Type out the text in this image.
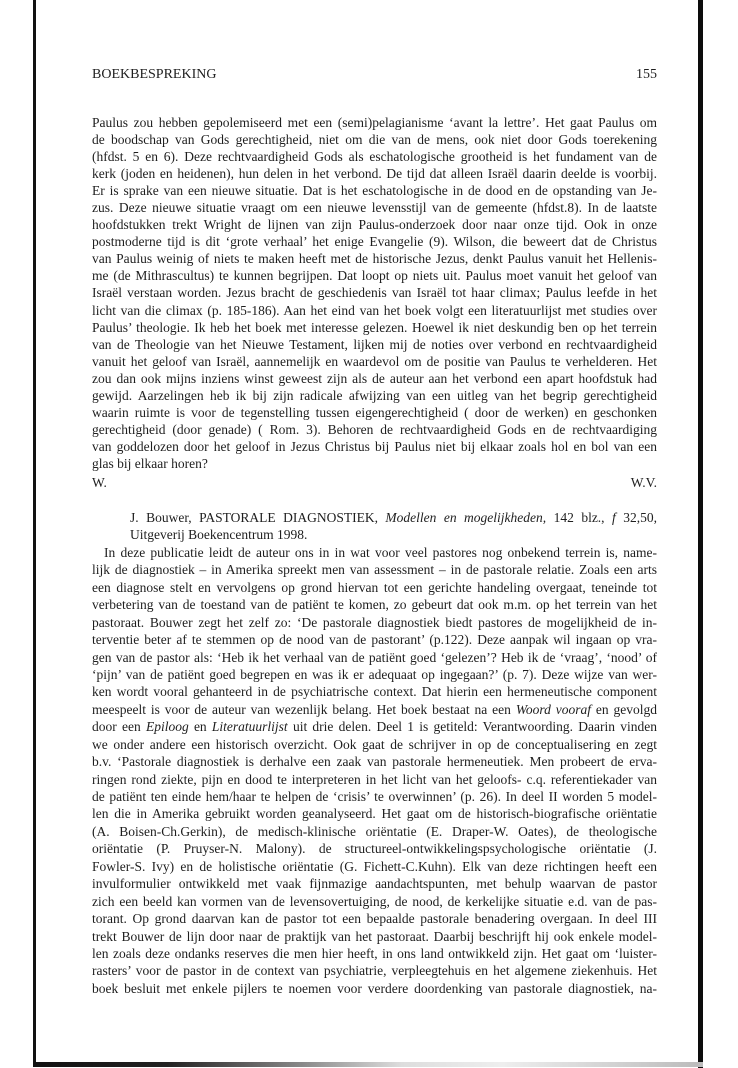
BOEKBESPREKING	155
Paulus zou hebben gepolemiseerd met een (semi)pelagianisme ‘avant la lettre’. Het gaat Paulus om
de boodschap van Gods gerechtigheid, niet om die van de mens, ook niet door Gods toerekening
(hfdst. 5 en 6). Deze rechtvaardigheid Gods als eschatologische grootheid is het fundament van de
kerk (joden en heidenen), hun delen in het verbond. De tijd dat alleen Israël daarin deelde is voorbij.
Er is sprake van een nieuwe situatie. Dat is het eschatologische in de dood en de opstanding van Je-
zus. Deze nieuwe situatie vraagt om een nieuwe levensstijl van de gemeente (hfdst.8). In de laatste
hoofdstukken trekt Wright de lijnen van zijn Paulus-onderzoek door naar onze tijd. Ook in onze
postmoderne tijd is dit ‘grote verhaal’ het enige Evangelie (9). Wilson, die beweert dat de Christus
van Paulus weinig of niets te maken heeft met de historische Jezus, denkt Paulus vanuit het Hellenis-
me (de Mithrascultus) te kunnen begrijpen. Dat loopt op niets uit. Paulus moet vanuit het geloof van
Israël verstaan worden. Jezus bracht de geschiedenis van Israël tot haar climax; Paulus leefde in het
licht van die climax (p. 185-186). Aan het eind van het boek volgt een literatuurlijst met studies over
Paulus’ theologie. Ik heb het boek met interesse gelezen. Hoewel ik niet deskundig ben op het terrein
van de Theologie van het Nieuwe Testament, lijken mij de noties over verbond en rechtvaardigheid
vanuit het geloof van Israël, aannemelijk en waardevol om de positie van Paulus te verhelderen. Het
zou dan ook mijns inziens winst geweest zijn als de auteur aan het verbond een apart hoofdstuk had
gewijd. Aarzelingen heb ik bij zijn radicale afwijzing van een uitleg van het begrip gerechtigheid
waarin ruimte is voor de tegenstelling tussen eigengerechtigheid ( door de werken) en geschonken
gerechtigheid (door genade) ( Rom. 3). Behoren de rechtvaardigheid Gods en de rechtvaardiging
van goddelozen door het geloof in Jezus Christus bij Paulus niet bij elkaar zoals hol en bol van een
glas bij elkaar horen?
W.	W.V.
J. Bouwer, PASTORALE DIAGNOSTIEK, Modellen en mogelijkheden, 142 blz., f 32,50,
Uitgeverij Boekencentrum 1998.
In deze publicatie leidt de auteur ons in in wat voor veel pastores nog onbekend terrein is, name-
lijk de diagnostiek – in Amerika spreekt men van assessment – in de pastorale relatie. Zoals een arts
een diagnose stelt en vervolgens op grond hiervan tot een gerichte handeling overgaat, teneinde tot
verbetering van de toestand van de patiënt te komen, zo gebeurt dat ook m.m. op het terrein van het
pastoraat. Bouwer zegt het zelf zo: ‘De pastorale diagnostiek biedt pastores de mogelijkheid de in-
terventie beter af te stemmen op de nood van de pastorant’ (p.122). Deze aanpak wil ingaan op vra-
gen van de pastor als: ‘Heb ik het verhaal van de patiënt goed ‘gelezen’? Heb ik de ‘vraag’, ‘nood’ of
‘pijn’ van de patiënt goed begrepen en was ik er adequaat op ingegaan?’ (p. 7). Deze wijze van wer-
ken wordt vooral gehanteerd in de psychiatrische context. Dat hierin een hermeneutische component
meespeelt is voor de auteur van wezenlijk belang. Het boek bestaat na een Woord vooraf en gevolgd
door een Epiloog en Literatuurlijst uit drie delen. Deel 1 is getiteld: Verantwoording. Daarin vinden
we onder andere een historisch overzicht. Ook gaat de schrijver in op de conceptualisering en zegt
b.v. ‘Pastorale diagnostiek is derhalve een zaak van pastorale hermeneutiek. Men probeert de erva-
ringen rond ziekte, pijn en dood te interpreteren in het licht van het geloofs- c.q. referentiekader van
de patiënt ten einde hem/haar te helpen de ‘crisis’ te overwinnen’ (p. 26). In deel II worden 5 model-
len die in Amerika gebruikt worden geanalyseerd. Het gaat om de historisch-biografische oriëntatie
(A. Boisen-Ch.Gerkin), de medisch-klinische oriëntatie (E. Draper-W. Oates), de theologische
oriëntatie (P. Pruyser-N. Malony). de structureel-ontwikkelingspsychologische oriëntatie (J.
Fowler-S. Ivy) en de holistische oriëntatie (G. Fichett-C.Kuhn). Elk van deze richtingen heeft een
invulformulier ontwikkeld met vaak fijnmazige aandachtspunten, met behulp waarvan de pastor
zich een beeld kan vormen van de levensovertuiging, de nood, de kerkelijke situatie e.d. van de pas-
torant. Op grond daarvan kan de pastor tot een bepaalde pastorale benadering overgaan. In deel III
trekt Bouwer de lijn door naar de praktijk van het pastoraat. Daarbij beschrijft hij ook enkele model-
len zoals deze ondanks reserves die men hier heeft, in ons land ontwikkeld zijn. Het gaat om ‘luister-
rasters’ voor de pastor in de context van psychiatrie, verpleegtehuis en het algemene ziekenhuis. Het
boek besluit met enkele pijlers te noemen voor verdere doordenking van pastorale diagnostiek, na-
